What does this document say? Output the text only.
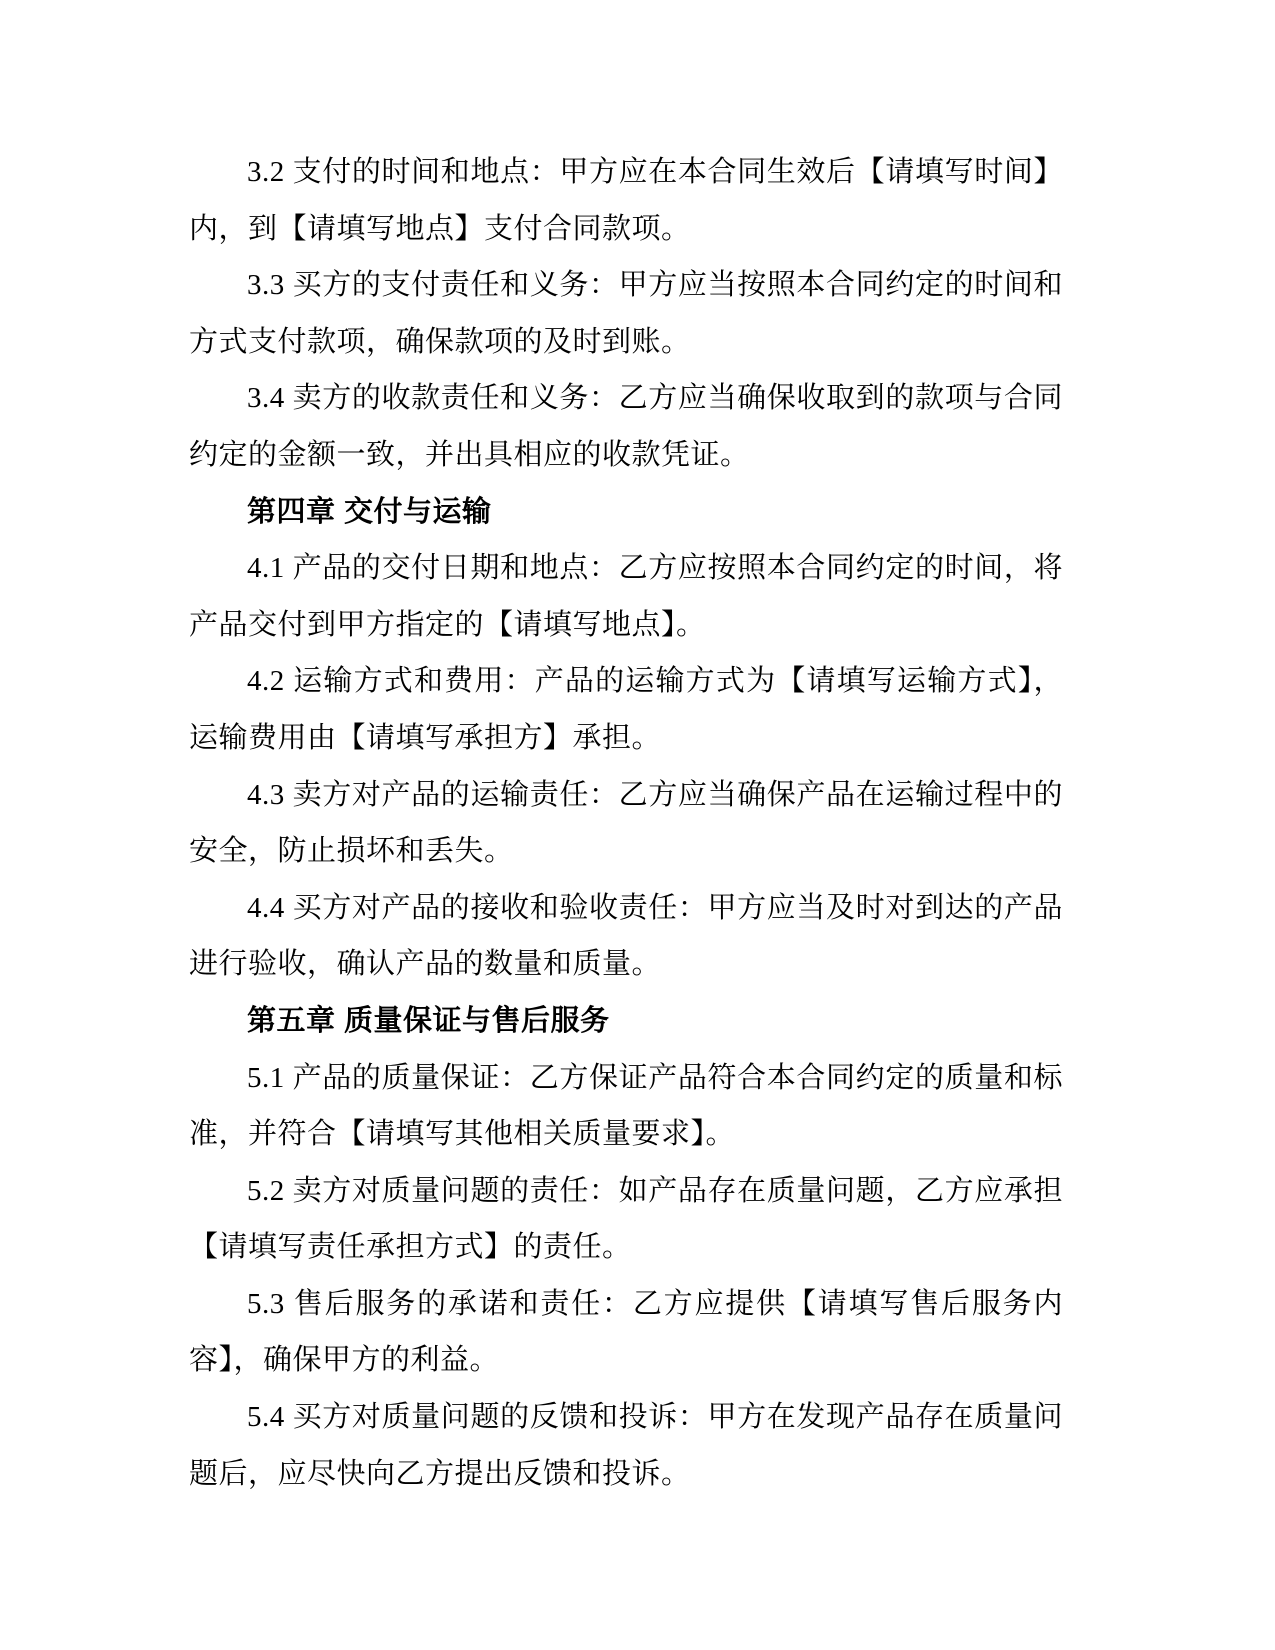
3.2 支付的时间和地点：甲方应在本合同生效后【请填写时间】内，到【请填写地点】支付合同款项。

3.3 买方的支付责任和义务：甲方应当按照本合同约定的时间和方式支付款项，确保款项的及时到账。

3.4 卖方的收款责任和义务：乙方应当确保收取到的款项与合同约定的金额一致，并出具相应的收款凭证。

第四章 交付与运输

4.1 产品的交付日期和地点：乙方应按照本合同约定的时间，将产品交付到甲方指定的【请填写地点】。

4.2 运输方式和费用：产品的运输方式为【请填写运输方式】，运输费用由【请填写承担方】承担。

4.3 卖方对产品的运输责任：乙方应当确保产品在运输过程中的安全，防止损坏和丢失。

4.4 买方对产品的接收和验收责任：甲方应当及时对到达的产品进行验收，确认产品的数量和质量。

第五章 质量保证与售后服务

5.1 产品的质量保证：乙方保证产品符合本合同约定的质量和标准，并符合【请填写其他相关质量要求】。

5.2 卖方对质量问题的责任：如产品存在质量问题，乙方应承担【请填写责任承担方式】的责任。

5.3 售后服务的承诺和责任：乙方应提供【请填写售后服务内容】，确保甲方的利益。

5.4 买方对质量问题的反馈和投诉：甲方在发现产品存在质量问题后，应尽快向乙方提出反馈和投诉。
